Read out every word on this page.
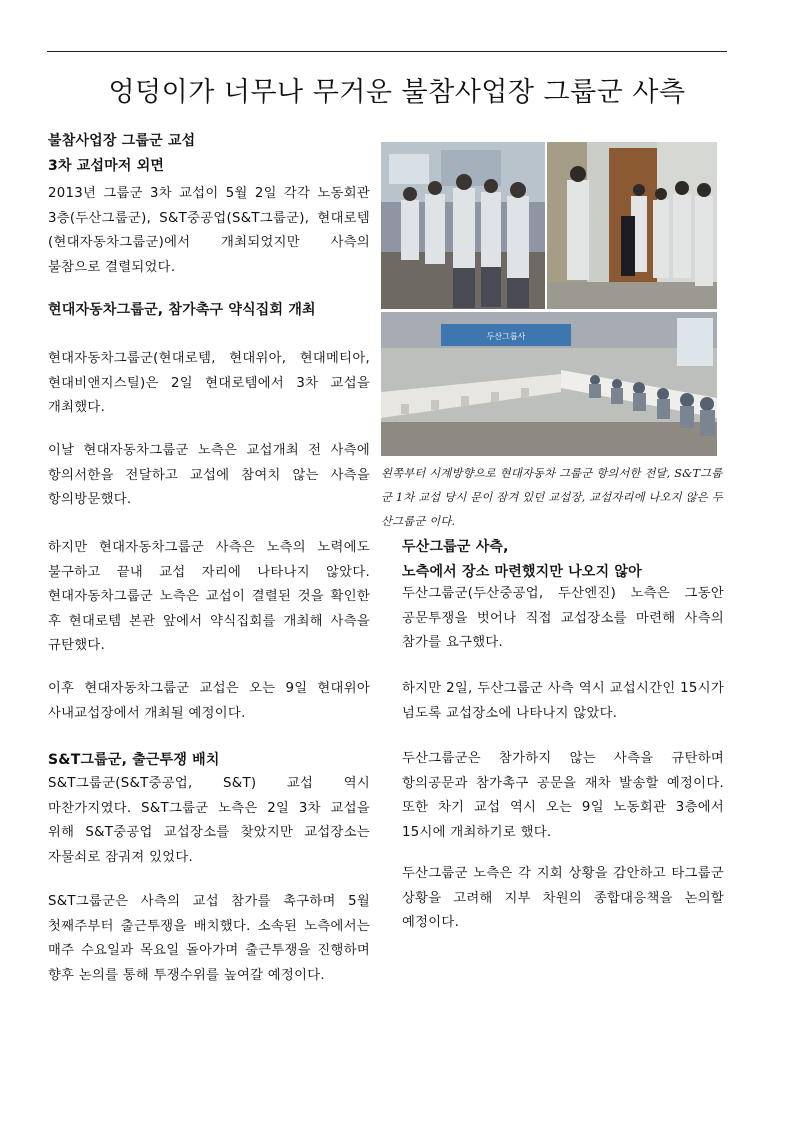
엉덩이가 너무나 무거운 불참사업장 그룹군 사측
불참사업장 그룹군 교섭
3차 교섭마저 외면
2013년 그룹군 3차 교섭이 5월 2일 각각 노동회관 3층(두산그룹군), S&T중공업(S&T그룹군), 현대로템(현대자동차그룹군)에서 개최되었지만 사측의 불참으로 결렬되었다.
현대자동차그룹군, 참가촉구 약식집회 개최
현대자동차그룹군(현대로템, 현대위아, 현대메티아, 현대비앤지스틸)은 2일 현대로템에서 3차 교섭을 개최했다.
이날 현대자동차그룹군 노측은 교섭개최 전 사측에 항의서한을 전달하고 교섭에 참여치 않는 사측을 항의방문했다.
하지만 현대자동차그룹군 사측은 노측의 노력에도 불구하고 끝내 교섭 자리에 나타나지 않았다. 현대자동차그룹군 노측은 교섭이 결렬된 것을 확인한 후 현대로템 본관 앞에서 약식집회를 개최해 사측을 규탄했다.
이후 현대자동차그룹군 교섭은 오는 9일 현대위아 사내교섭장에서 개최될 예정이다.
S&T그룹군, 출근투쟁 배치
S&T그룹군(S&T중공업, S&T) 교섭 역시 마찬가지였다. S&T그룹군 노측은 2일 3차 교섭을 위해 S&T중공업 교섭장소를 찾았지만 교섭장소는 자물쇠로 잠궈져 있었다.
S&T그룹군은 사측의 교섭 참가를 촉구하며 5월 첫째주부터 출근투쟁을 배치했다. 소속된 노측에서는 매주 수요일과 목요일 돌아가며 출근투쟁을 진행하며 향후 논의를 통해 투쟁수위를 높여갈 예정이다.
두산그룹사
왼쪽부터 시계방향으로 현대자동차 그룹군 항의서한 전달, S&T그룹군 1차 교섭 당시 문이 잠겨 있던 교섭장, 교섭자리에 나오지 않은 두산그룹군 이다.
두산그룹군 사측,
노측에서 장소 마련했지만 나오지 않아
두산그룹군(두산중공업, 두산엔진) 노측은 그동안 공문투쟁을 벗어나 직접 교섭장소를 마련해 사측의 참가를 요구했다.
하지만 2일, 두산그룹군 사측 역시 교섭시간인 15시가 넘도록 교섭장소에 나타나지 않았다.
두산그룹군은 참가하지 않는 사측을 규탄하며 항의공문과 참가촉구 공문을 재차 발송할 예정이다. 또한 차기 교섭 역시 오는 9일 노동회관 3층에서 15시에 개최하기로 했다.
두산그룹군 노측은 각 지회 상황을 감안하고 타그룹군 상황을 고려해 지부 차원의 종합대응책을 논의할 예정이다.
